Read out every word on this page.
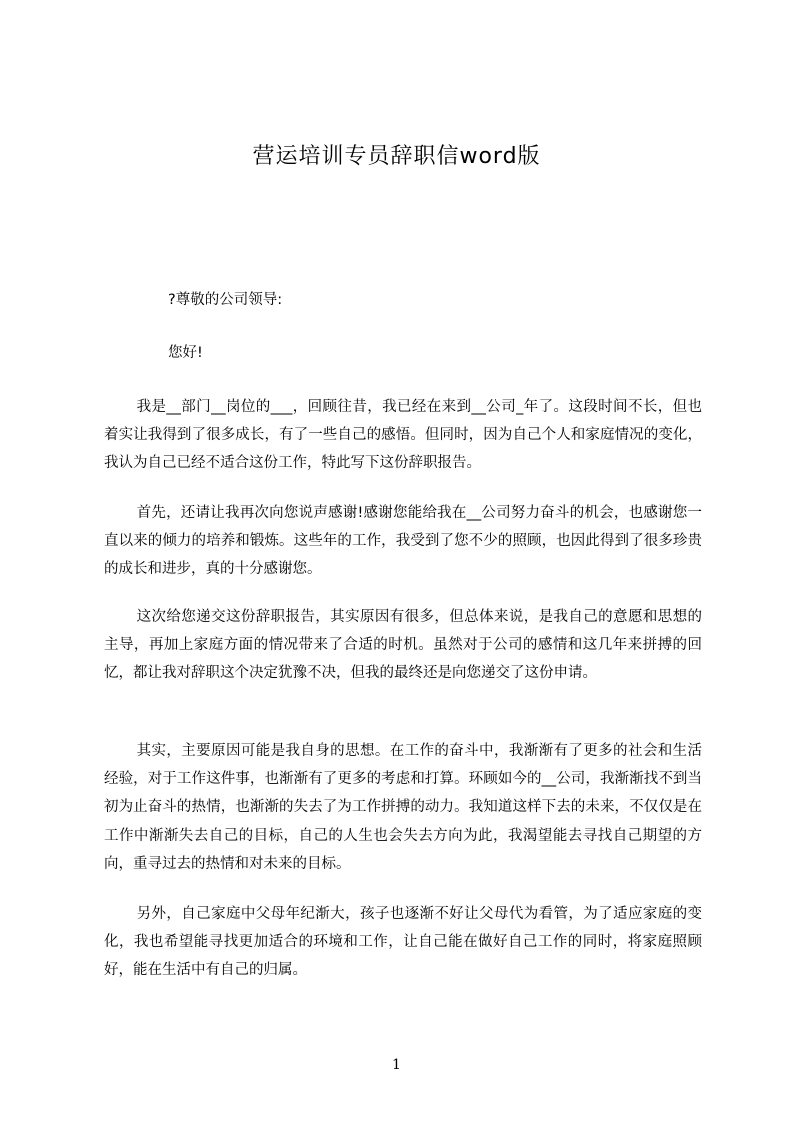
营运培训专员辞职信word版
?尊敬的公司领导:
您好!
我是__部门__岗位的___，回顾往昔，我已经在来到__公司_年了。这段时间不长，但也着实让我得到了很多成长，有了一些自己的感悟。但同时，因为自己个人和家庭情况的变化，我认为自己已经不适合这份工作，特此写下这份辞职报告。
首先，还请让我再次向您说声感谢!感谢您能给我在__公司努力奋斗的机会，也感谢您一直以来的倾力的培养和锻炼。这些年的工作，我受到了您不少的照顾，也因此得到了很多珍贵的成长和进步，真的十分感谢您。
这次给您递交这份辞职报告，其实原因有很多，但总体来说，是我自己的意愿和思想的主导，再加上家庭方面的情况带来了合适的时机。虽然对于公司的感情和这几年来拼搏的回忆，都让我对辞职这个决定犹豫不决，但我的最终还是向您递交了这份申请。
其实，主要原因可能是我自身的思想。在工作的奋斗中，我渐渐有了更多的社会和生活经验，对于工作这件事，也渐渐有了更多的考虑和打算。环顾如今的__公司，我渐渐找不到当初为止奋斗的热情，也渐渐的失去了为工作拼搏的动力。我知道这样下去的未来，不仅仅是在工作中渐渐失去自己的目标，自己的人生也会失去方向为此，我渴望能去寻找自己期望的方向，重寻过去的热情和对未来的目标。
另外，自己家庭中父母年纪渐大，孩子也逐渐不好让父母代为看管，为了适应家庭的变化，我也希望能寻找更加适合的环境和工作，让自己能在做好自己工作的同时，将家庭照顾好，能在生活中有自己的归属。
1
